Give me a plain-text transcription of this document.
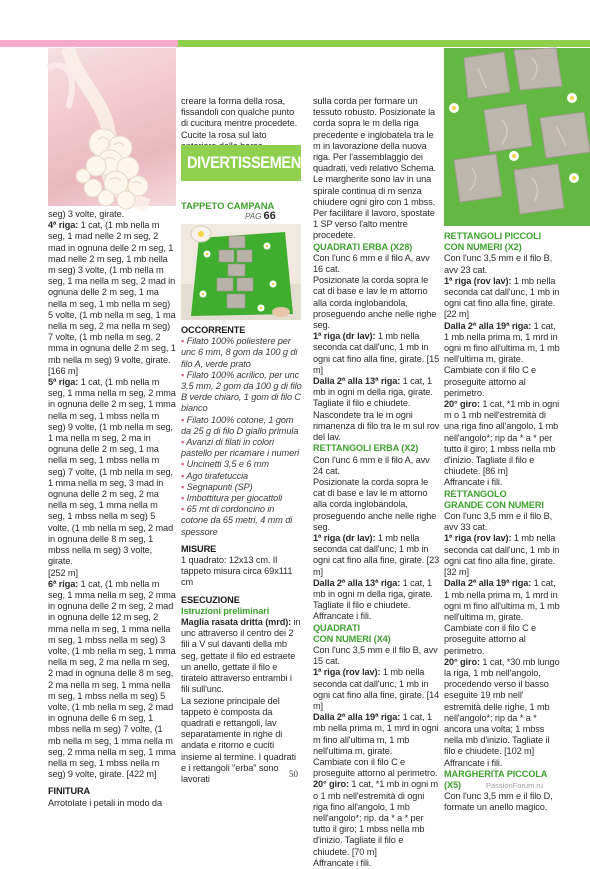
seg) 3 volte, girate.

4ª riga: 1 cat, (1 mb nella m seg, 1 mad nelle 2 m seg, 2 mad in ognuna delle 2 m seg, 1 mad nelle 2 m seg, 1 mb nella m seg) 3 volte, (1 mb nella m seg, 1 ma nella m seg, 2 mad in ognuna delle 2 m seg, 1 ma nella m seg, 1 mb nella m seg) 5 volte, (1 mb nella m seg, 1 ma nella m seg, 2 ma nella m seg) 7 volte, (1 mb nella m seg, 2 mma in ognuna delle 2 m seg, 1 mb nella m seg) 9 volte, girate.

[166 m]

5ª riga: 1 cat, (1 mb nella m seg, 1 mma nella m seg, 2 mma in ognuna delle 2 m seg, 1 mma nella m seg, 1 mbss nella m seg) 9 volte, (1 mb nella m seg, 1 ma nella m seg, 2 ma in ognuna delle 2 m seg, 1 ma nella m seg, 1 mbss nella m seg) 7 volte, (1 mb nella m seg, 1 mma nella m seg, 3 mad in ognuna delle 2 m seg, 2 ma nella m seg, 1 mma nella m seg, 1 mbss nella m seg) 5 volte, (1 mb nella m seg, 2 mad in ognuna delle 8 m seg, 1 mbss nella m seg) 3 volte, girate.

[252 m]

6ª riga: 1 cat, (1 mb nella m seg, 1 mma nella m seg, 2 mma in ognuna delle 2 m seg, 2 mad in ognuna delle 12 m seg, 2 mma nella m seg, 1 mma nella m seg, 1 mbss nella m seg) 3 volte, (1 mb nella m seg, 1 mma nella m seg, 2 ma nella m seg, 2 mad in ognuna delle 8 m seg, 2 ma nella m seg, 1 mma nella m seg, 1 mbss nella m seg) 5 volte, (1 mb nella m seg, 2 mad in ognuna delle 6 m seg, 1 mbss nella m seg) 7 volte, (1 mb nella m seg, 1 mma nella m seg, 2 mma nella m seg, 1 mma nella m seg, 1 mbss nella m seg) 9 volte, girate. [422 m]

FINITURA

Arrotolate i petali in modo da

creare la forma della rosa, fissandoli con qualche punto di cucitura mentre procedete. Cucite la rosa sul lato

DIVERTISSEMENT
TAPPETO CAMPANA
PAG 66

OCCORRENTE

▪ Filato 100% poliestere per unc 6 mm, 8 gom da 100 g di filo A, verde prato

▪ Filato 100% acrilico, per unc 3,5 mm, 2 gom da 100 g di filo B verde chiaro, 1 gom di filo C bianco

▪ Filato 100% cotone, 1 gom da 25 g di filo D giallo primula

▪ Avanzi di filati in colori pastello per ricamare i numeri

▪ Uncinetti 3,5 e 6 mm

▪ Ago tirafetuccia

▪ Segnapunti (SP)

▪ Imbottitura per giocattoli

▪ 65 mt di cordoncino in cotone da 65 metri, 4 mm di spessore

MISURE

1 quadrato: 12x13 cm. Il tappeto misura circa 69x111 cm

ESECUZIONE

Istruzioni preliminari

Maglia rasata dritta (mrd): in unc attraverso il centro dei 2 fili a V sul davanti della mb seg, gettate il filo ed estraete un anello, gettate il filo e tiratelo attraverso entrambi i fili sull'unc.

La sezione principale del tappeto è composta da quadrati e rettangoli, lav separatamente in righe di andata e ritorno e cuciti insieme al termine. I quadrati e i rettangoli "erba" sono lavorati

sulla corda per formare un tessuto robusto. Posizionate la corda sopra le m della riga precedente e inglobatela tra le m in lavorazione della nuova riga. Per l'assemblaggio dei quadrati, vedi relativo Schema.

Le margherite sono lav in una spirale continua di m senza chiudere ogni giro con 1 mbss. Per facilitare il lavoro, spostate 1 SP verso l'alto mentre procedete.

QUADRATI ERBA (X28)

Con l'unc 6 mm e il filo A, avv 16 cat.

Posizionate la corda sopra le cat di base e lav le m attorno alla corda inglobandola, proseguendo anche nelle righe seg.

1ª riga (dr lav): 1 mb nella seconda cat dall'unc, 1 mb in ogni cat fino alla fine, girate. [15 m]

Dalla 2ª alla 13ª riga: 1 cat, 1 mb in ogni m della riga, girate. Tagliate il filo e chiudete. Nascondete tra le m ogni rimanenza di filo tra le m sul rov del lav.

RETTANGOLI ERBA (X2)

Con l'unc 6 mm e il filo A, avv 24 cat.

Posizionate la corda sopra le cat di base e lav le m attorno alla corda inglobandola, proseguendo anche nelle righe seg.

1ª riga (dr lav): 1 mb nella seconda cat dall'unc, 1 mb in ogni cat fino alla fine, girate. [23 m]

Dalla 2ª alla 13ª riga: 1 cat, 1 mb in ogni m della riga, girate. Tagliate il filo e chiudete. Affrancate i fili.

QUADRATI
CON NUMERI (X4)

Con l'unc 3,5 mm e il filo B, avv 15 cat.

1ª riga (rov lav): 1 mb nella seconda cat dall'unc, 1 mb in ogni cat fino alla fine, girate. [14 m]

Dalla 2ª alla 19ª riga: 1 cat, 1 mb nella prima m, 1 mrd in ogni m fino all'ultima m, 1 mb nell'ultima m, girate.

Cambiate con il filo C e proseguite attorno al perimetro.

20° giro: 1 cat, *1 mb in ogni m o 1 mb nell'estremità di ogni riga fino all'angolo, 1 mb nell'angolo*; rip. da * a * per tutto il giro; 1 mbss nella mb d'inizio. Tagliate il filo e chiudete. [70 m]

Affrancate i fili.

RETTANGOLI PICCOLI
CON NUMERI (X2)

Con l'unc 3,5 mm e il filo B, avv 23 cat.

1ª riga (rov lav): 1 mb nella seconda cat dall'unc, 1 mb in ogni cat fino alla fine, girate. [22 m]

Dalla 2ª alla 19ª riga: 1 cat, 1 mb nella prima m, 1 mrd in ogni m fino all'ultima m, 1 mb nell'ultima m, girate.

Cambiate con il filo C e proseguite attorno al perimetro.

20° giro: 1 cat, *1 mb in ogni m o 1 mb nell'estremità di una riga fino all'angolo, 1 mb nell'angolo*; rip da * a * per tutto il giro; 1 mbss nella mb d'inizio. Tagliate il filo e chiudete. [86 m]

Affrancate i fili.

RETTANGOLO
GRANDE CON NUMERI

Con l'unc 3,5 mm e il filo B, avv 33 cat.

1ª riga (rov lav): 1 mb nella seconda cat dall'unc, 1 mb in ogni cat fino alla fine, girate. [32 m]

Dalla 2ª alla 19ª riga: 1 cat, 1 mb nella prima m, 1 mrd in ogni m fino all'ultima m, 1 mb nell'ultima m, girate.

Cambiate con il filo C e proseguite attorno al perimetro.

20° giro: 1 cat, *30 mb lungo la riga, 1 mb nell'angolo, procedendo verso il basso eseguite 19 mb nell' estremità delle righe, 1 mb nell'angolo*; rip da * a * ancora una volta; 1 mbss nella mb d'inizio. Tagliate il filo e chiudete. [102 m]

Affrancate i fili.

MARGHERITA PICCOLA (X5)

Con l'unc 3,5 mm e il filo D, formate un anello magico.

50
PassionForum.ru
